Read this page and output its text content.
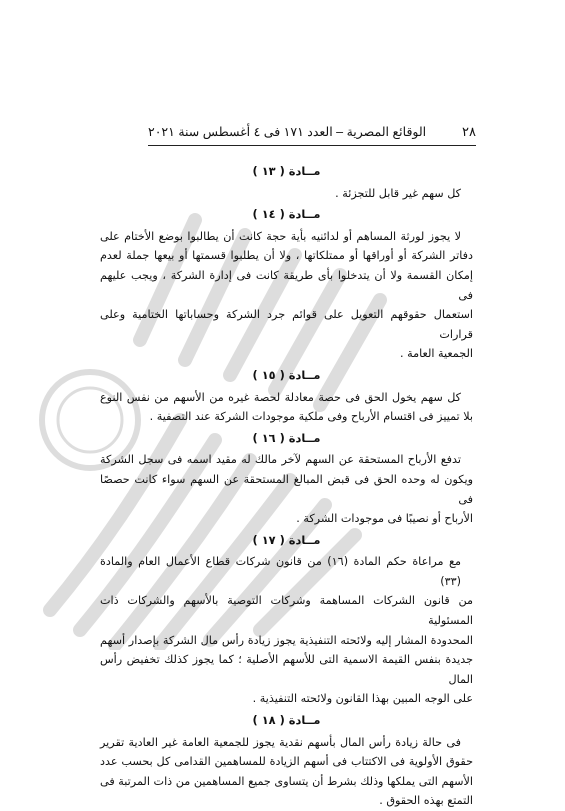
٢٨
الوقائع المصرية – العدد ١٧١ فى ٤ أغسطس سنة ٢٠٢١
مــادة ( ١٣ )

كل سهم غير قابل للتجزئة .

مــادة ( ١٤ )

لا يجوز لورثة المساهم أو لدائنيه بأية حجة كانت أن يطالبوا بوضع الأختام على
دفاتر الشركة أو أوراقها أو ممتلكاتها ، ولا أن يطلبوا قسمتها أو بيعها جملة لعدم
إمكان القسمة ولا أن يتدخلوا بأى طريقة كانت فى إدارة الشركة ، ويجب عليهم فى
استعمال حقوقهم التعويل على قوائم جرد الشركة وحساباتها الختامية وعلى قرارات
الجمعية العامة .

مــادة ( ١٥ )

كل سهم يخول الحق فى حصة معادلة لحصة غيره من الأسهم من نفس النوع
بلا تمييز فى اقتسام الأرباح وفى ملكية موجودات الشركة عند التصفية .

مــادة ( ١٦ )

تدفع الأرباح المستحقة عن السهم لآخر مالك له مقيد اسمه فى سجل الشركة
ويكون له وحده الحق فى قبض المبالغ المستحقة عن السهم سواء كانت حصصًا فى
الأرباح أو نصيبًا فى موجودات الشركة .

مــادة ( ١٧ )

مع مراعاة حكم المادة (١٦) من قانون شركات قطاع الأعمال العام والمادة (٣٣)
من قانون الشركات المساهمة وشركات التوصية بالأسهم والشركات ذات المسئولية
المحدودة المشار إليه ولائحته التنفيذية يجوز زيادة رأس مال الشركة بإصدار أسهم
جديدة بنفس القيمة الاسمية التى للأسهم الأصلية ؛ كما يجوز كذلك تخفيض رأس المال
على الوجه المبين بهذا القانون ولائحته التنفيذية .

مــادة ( ١٨ )

فى حالة زيادة رأس المال بأسهم نقدية يجوز للجمعية العامة غير العادية تقرير
حقوق الأولوية فى الاكتتاب فى أسهم الزيادة للمساهمين القدامى كل بحسب عدد
الأسهم التى يملكها وذلك بشرط أن يتساوى جميع المساهمين من ذات المرتبة فى
التمتع بهذه الحقوق .
